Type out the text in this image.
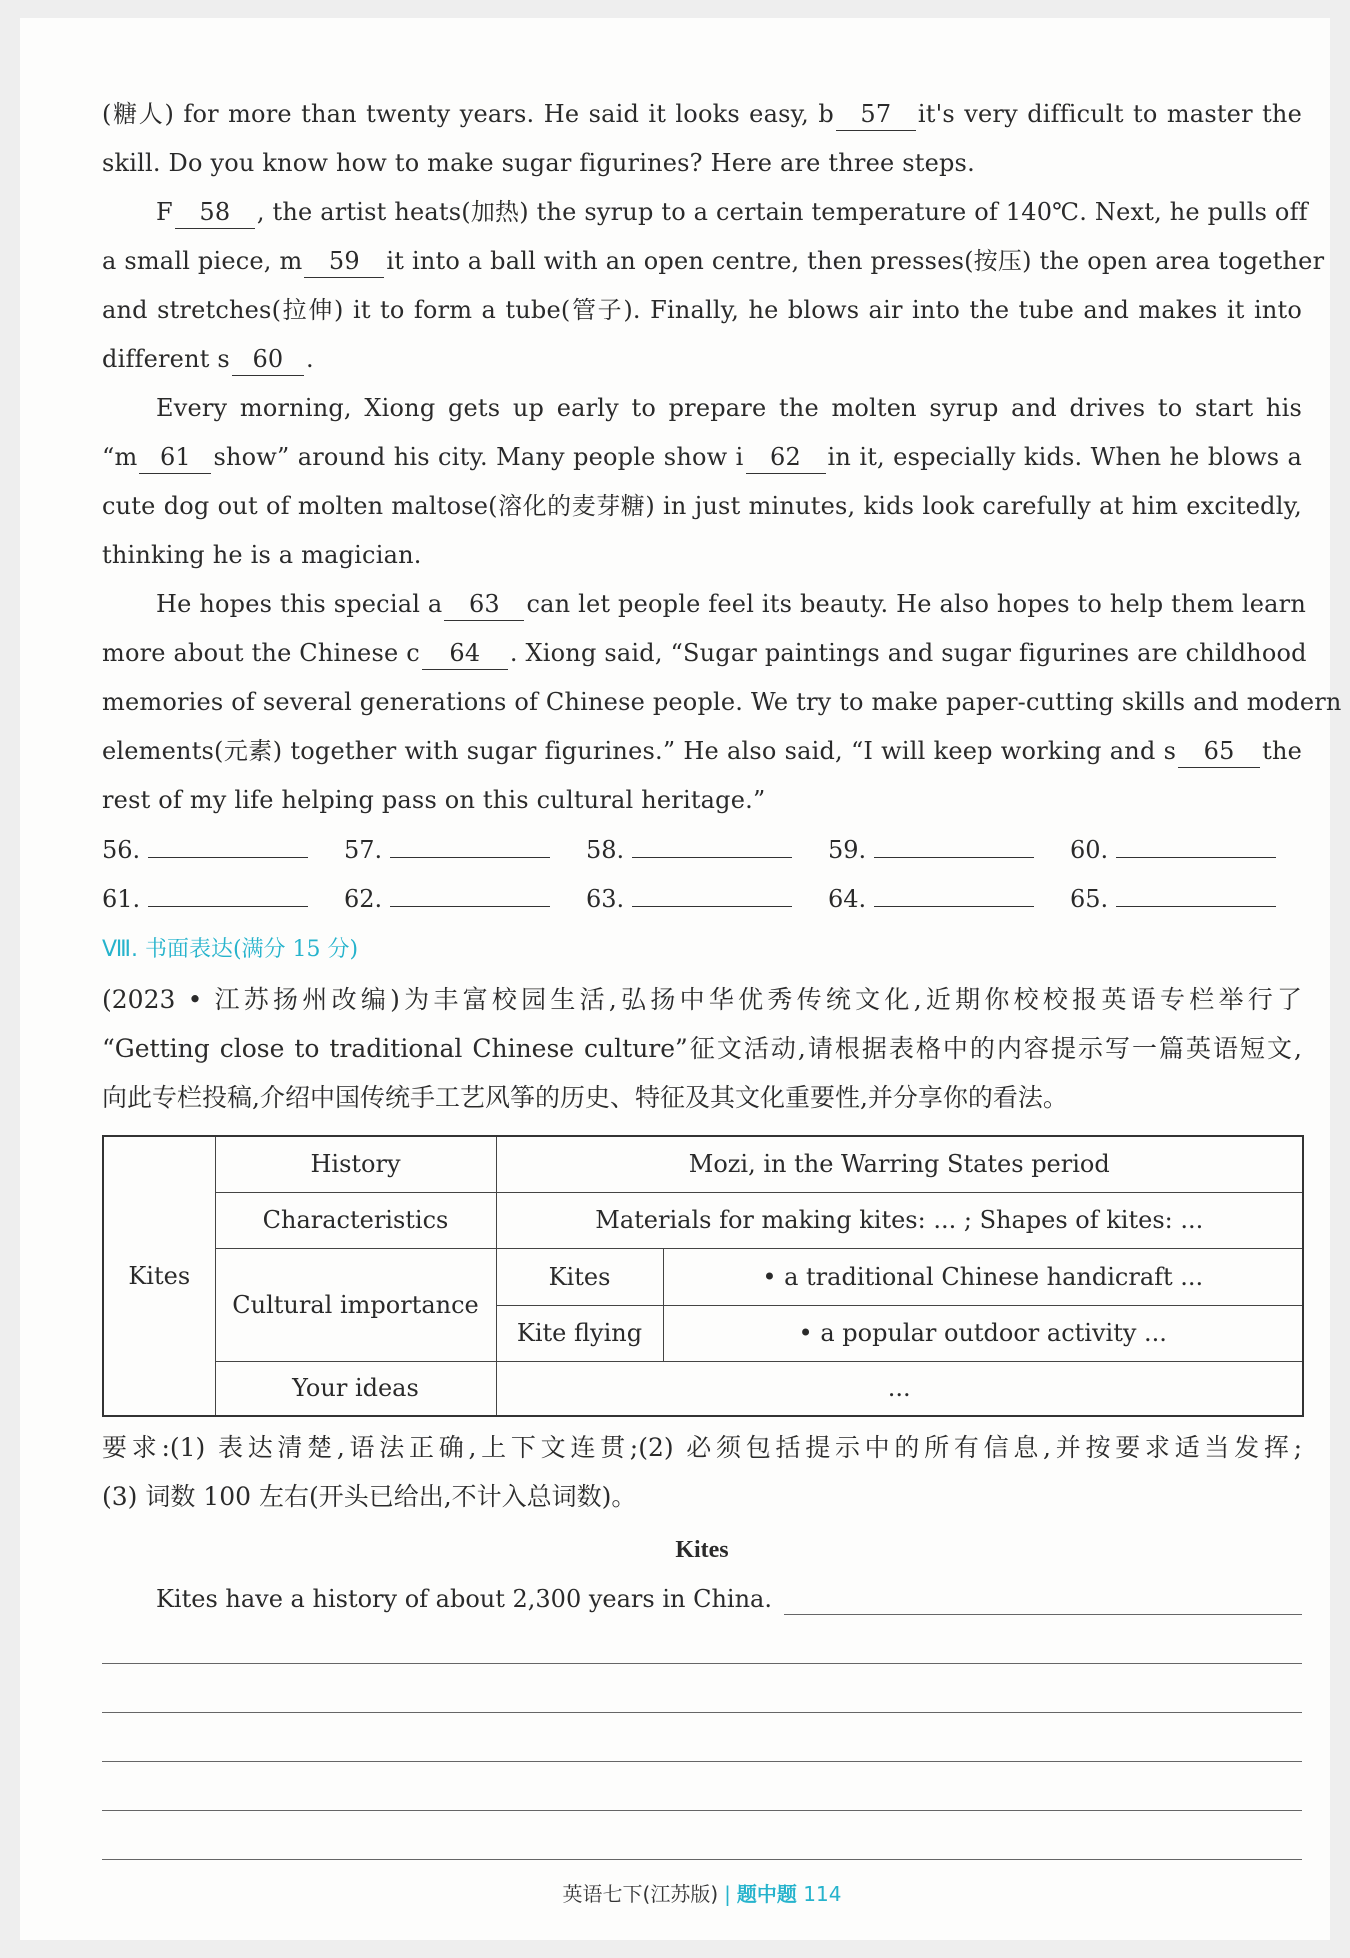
(糖人) for more than twenty years. He said it looks easy, b 57 it's very difficult to master the
skill. Do you know how to make sugar figurines? Here are three steps.
F 58 , the artist heats(加热) the syrup to a certain temperature of 140℃. Next, he pulls off
a small piece, m 59 it into a ball with an open centre, then presses(按压) the open area together
and stretches(拉伸) it to form a tube(管子). Finally, he blows air into the tube and makes it into
different s 60 .
Every morning, Xiong gets up early to prepare the molten syrup and drives to start his
“m 61 show” around his city. Many people show i 62 in it, especially kids. When he blows a
cute dog out of molten maltose(溶化的麦芽糖) in just minutes, kids look carefully at him excitedly,
thinking he is a magician.
He hopes this special a 63 can let people feel its beauty. He also hopes to help them learn
more about the Chinese c 64 . Xiong said, “Sugar paintings and sugar figurines are childhood
memories of several generations of Chinese people. We try to make paper-cutting skills and modern
elements(元素) together with sugar figurines.” He also said, “I will keep working and s 65 the
rest of my life helping pass on this cultural heritage.”
56.	57.	58.	59.	60.
61.	62.	63.	64.	65.
Ⅷ. 书面表达(满分 15 分)
(2023 • 江苏扬州改编)为丰富校园生活,弘扬中华优秀传统文化,近期你校校报英语专栏举行了
“Getting close to traditional Chinese culture”征文活动,请根据表格中的内容提示写一篇英语短文,
向此专栏投稿,介绍中国传统手工艺风筝的历史、特征及其文化重要性,并分享你的看法。
Kites	History	Mozi, in the Warring States period	
	Characteristics	Materials for making kites: ... ; Shapes of kites: ...	
	Cultural importance	Kites	• a traditional Chinese handicraft ...
		Kite flying	• a popular outdoor activity ...
	Your ideas	...	
要求:(1) 表达清楚,语法正确,上下文连贯;(2) 必须包括提示中的所有信息,并按要求适当发挥;
(3) 词数 100 左右(开头已给出,不计入总词数)。
Kites
Kites have a history of about 2,300 years in China.
英语七下(江苏版) | 题中题 114
